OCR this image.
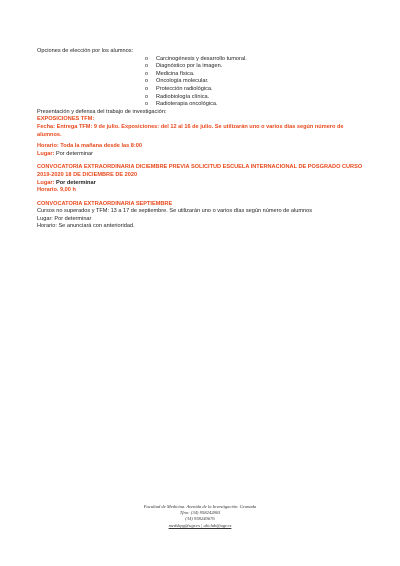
Opciones de elección por los alumnos:

o Carcinogénesis y desarrollo tumoral.
o Diagnóstico por la imagen.
o Medicina física.
o Oncología molecular.
o Protección radiológica.
o Radiobiología clínica.
o Radioterapia oncológica.

Presentación y defensa del trabajo de investigación:

EXPOSICIONES TFM:

Fecha: Entrega TFM: 9 de julio. Exposiciones: del 12 al 16 de julio. Se utilizarán uno o varios días según número de alumnos.

Horario: Toda la mañana desde las 8:00

Lugar: Por determinar

CONVOCATORIA EXTRAORDINARIA DICIEMBRE PREVIA SOLICITUD ESCUELA INTERNACIONAL DE POSGRADO CURSO 2019-2020 18 DE DICIEMBRE DE 2020

Lugar: Por determinar

Horario. 9,00 h

CONVOCATORIA EXTRAORDINARIA SEPTIEMBRE

Cursos no superados y TFM: 13 a 17 de septiembre. Se utilizarán uno o varios días según número de alumnos

Lugar: Por determinar

Horario: Se anunciará con anterioridad.

Facultad de Medicina. Avenida de la Investigación. Granada
Tfno: (34) 958242865
(34) 958240676
medsbpg@ugr.es | uliclab@ugr.es
